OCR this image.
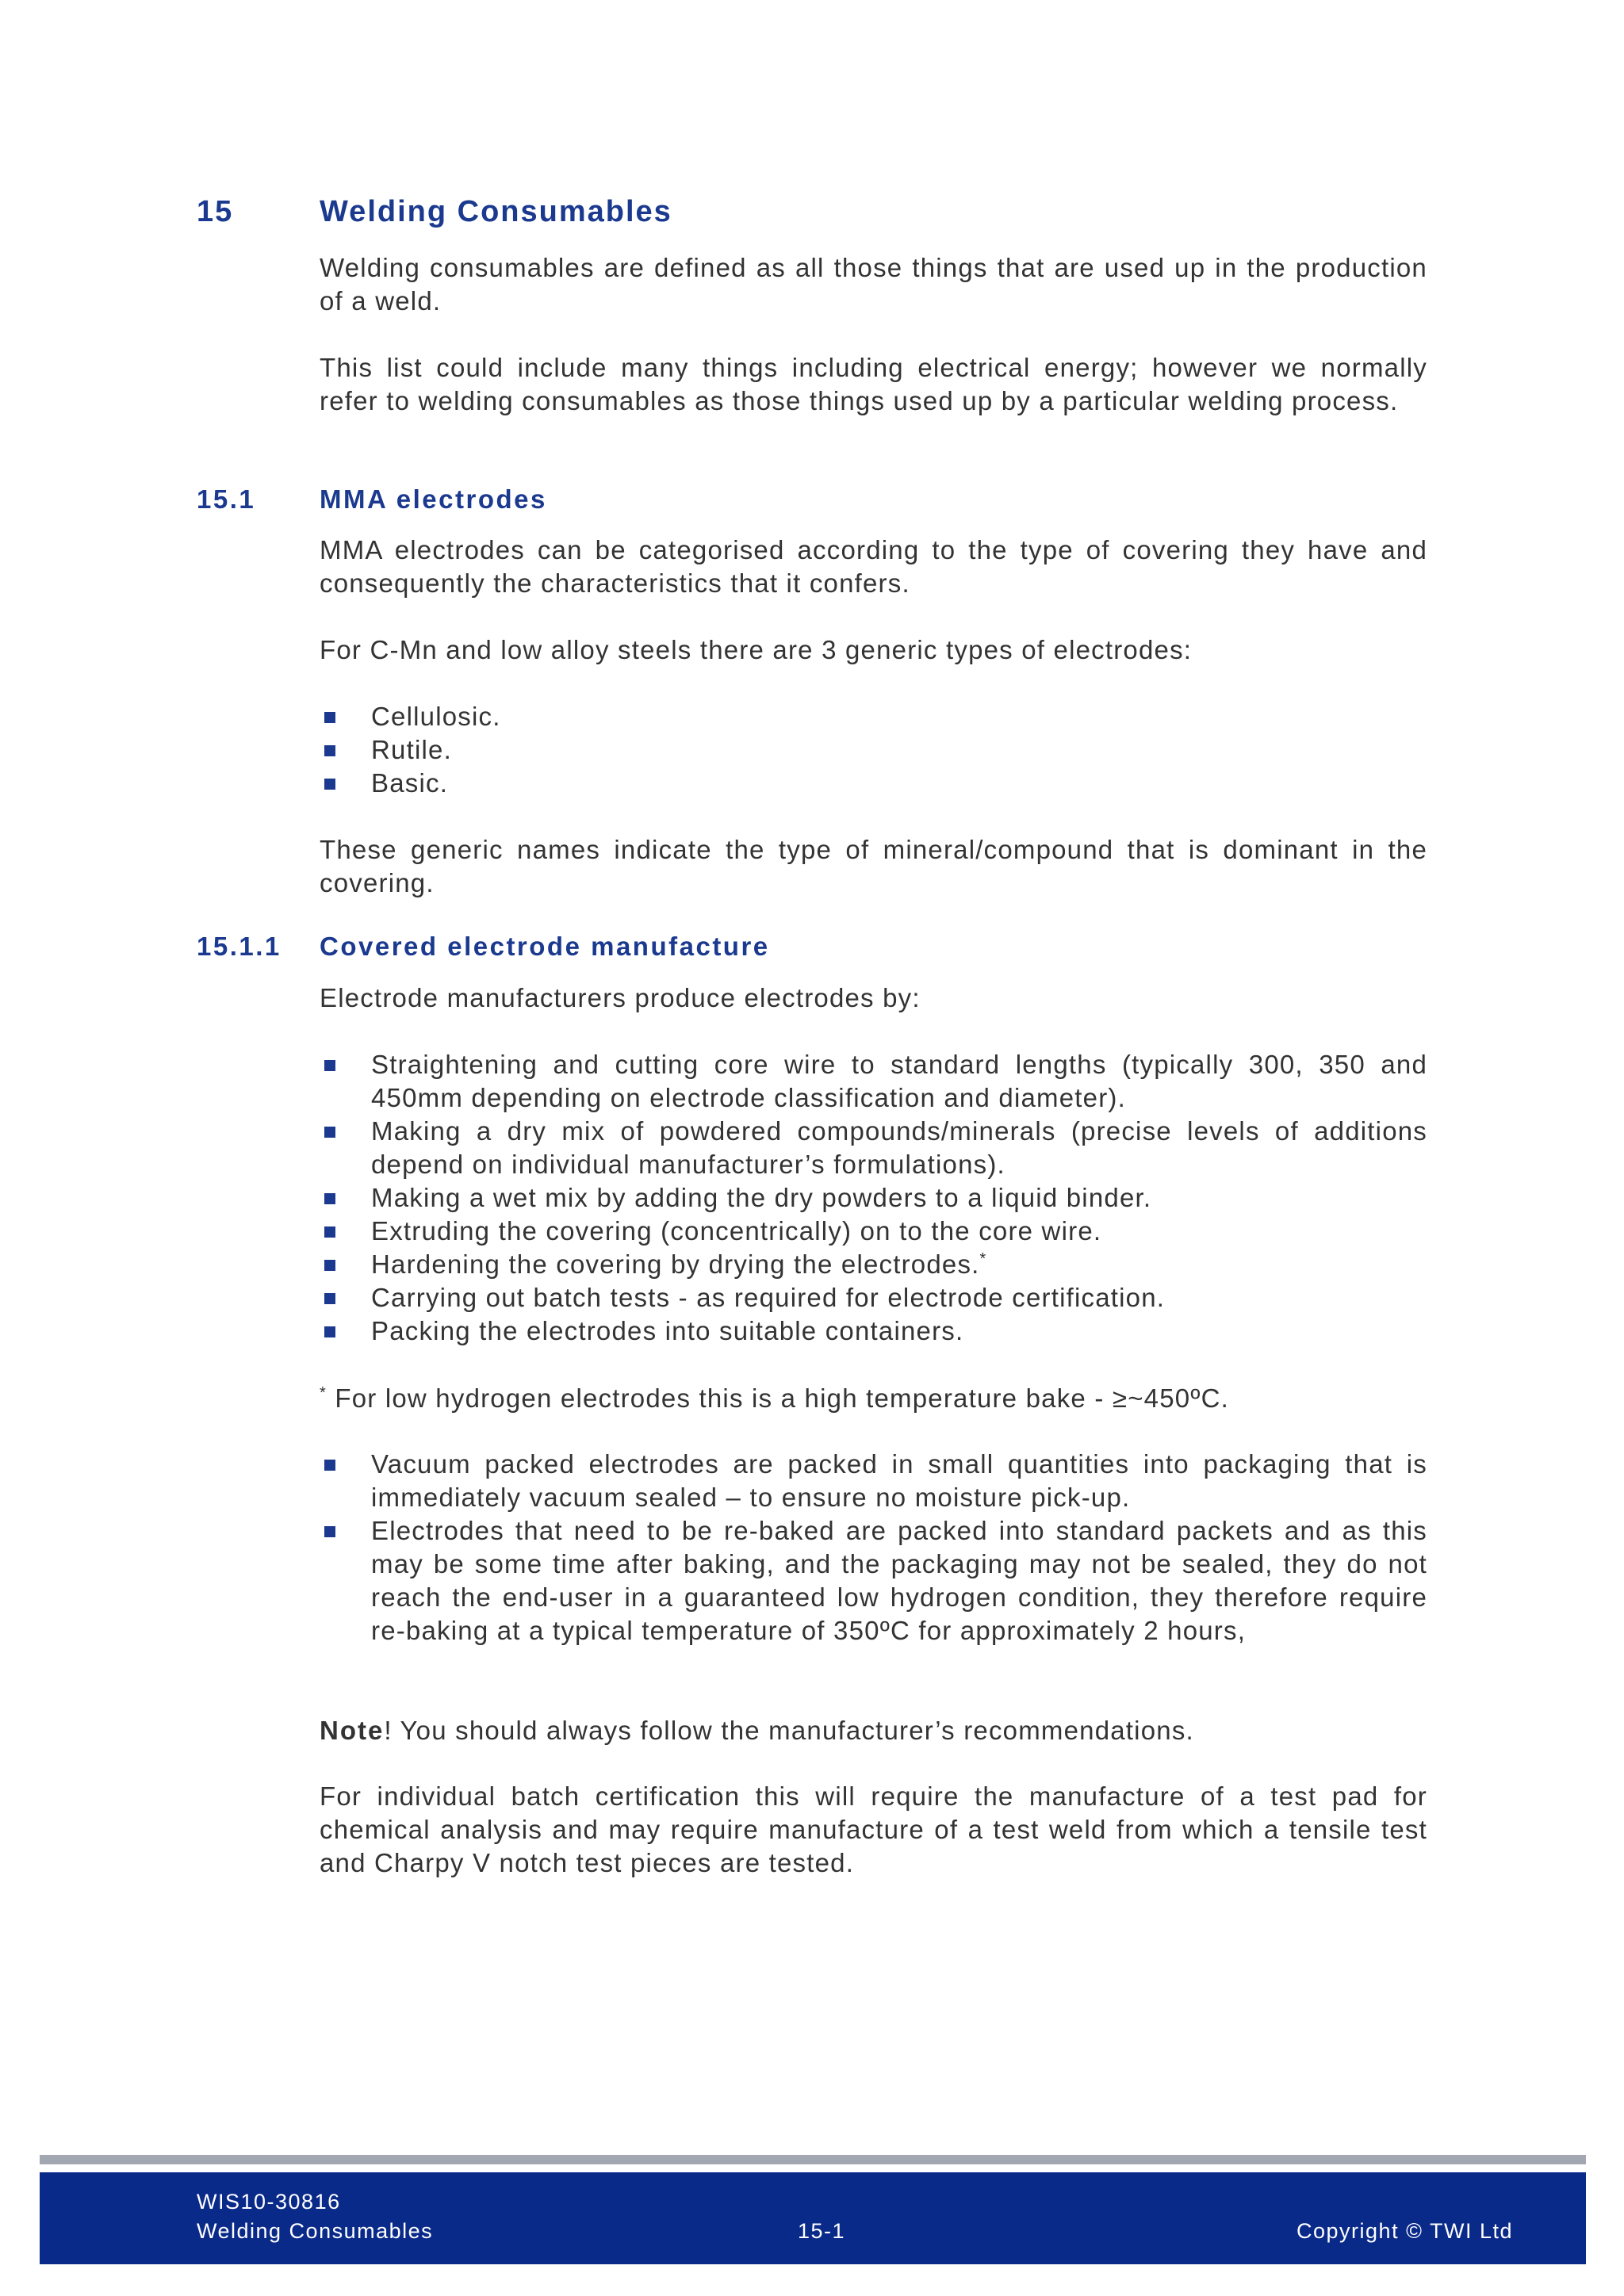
15	Welding Consumables

Welding consumables are defined as all those things that are used up in the production of a weld.

This list could include many things including electrical energy; however we normally refer to welding consumables as those things used up by a particular welding process.

15.1 MMA electrodes

MMA electrodes can be categorised according to the type of covering they have and consequently the characteristics that it confers.

For C-Mn and low alloy steels there are 3 generic types of electrodes:

Cellulosic.
Rutile.
Basic.

These generic names indicate the type of mineral/compound that is dominant in the covering.

15.1.1 Covered electrode manufacture

Electrode manufacturers produce electrodes by:

Straightening and cutting core wire to standard lengths (typically 300, 350 and 450mm depending on electrode classification and diameter).
Making a dry mix of powdered compounds/minerals (precise levels of additions depend on individual manufacturer’s formulations).
Making a wet mix by adding the dry powders to a liquid binder.
Extruding the covering (concentrically) on to the core wire.
Hardening the covering by drying the electrodes.*
Carrying out batch tests - as required for electrode certification.
Packing the electrodes into suitable containers.

* For low hydrogen electrodes this is a high temperature bake - ≥~450ºC.

Vacuum packed electrodes are packed in small quantities into packaging that is immediately vacuum sealed – to ensure no moisture pick-up.
Electrodes that need to be re-baked are packed into standard packets and as this may be some time after baking, and the packaging may not be sealed, they do not reach the end-user in a guaranteed low hydrogen condition, they therefore require re-baking at a typical temperature of 350ºC for approximately 2 hours,

Note! You should always follow the manufacturer’s recommendations.

For individual batch certification this will require the manufacture of a test pad for chemical analysis and may require manufacture of a test weld from which a tensile test and Charpy V notch test pieces are tested.

WIS10-30816
Welding Consumables	15-1	Copyright © TWI Ltd
